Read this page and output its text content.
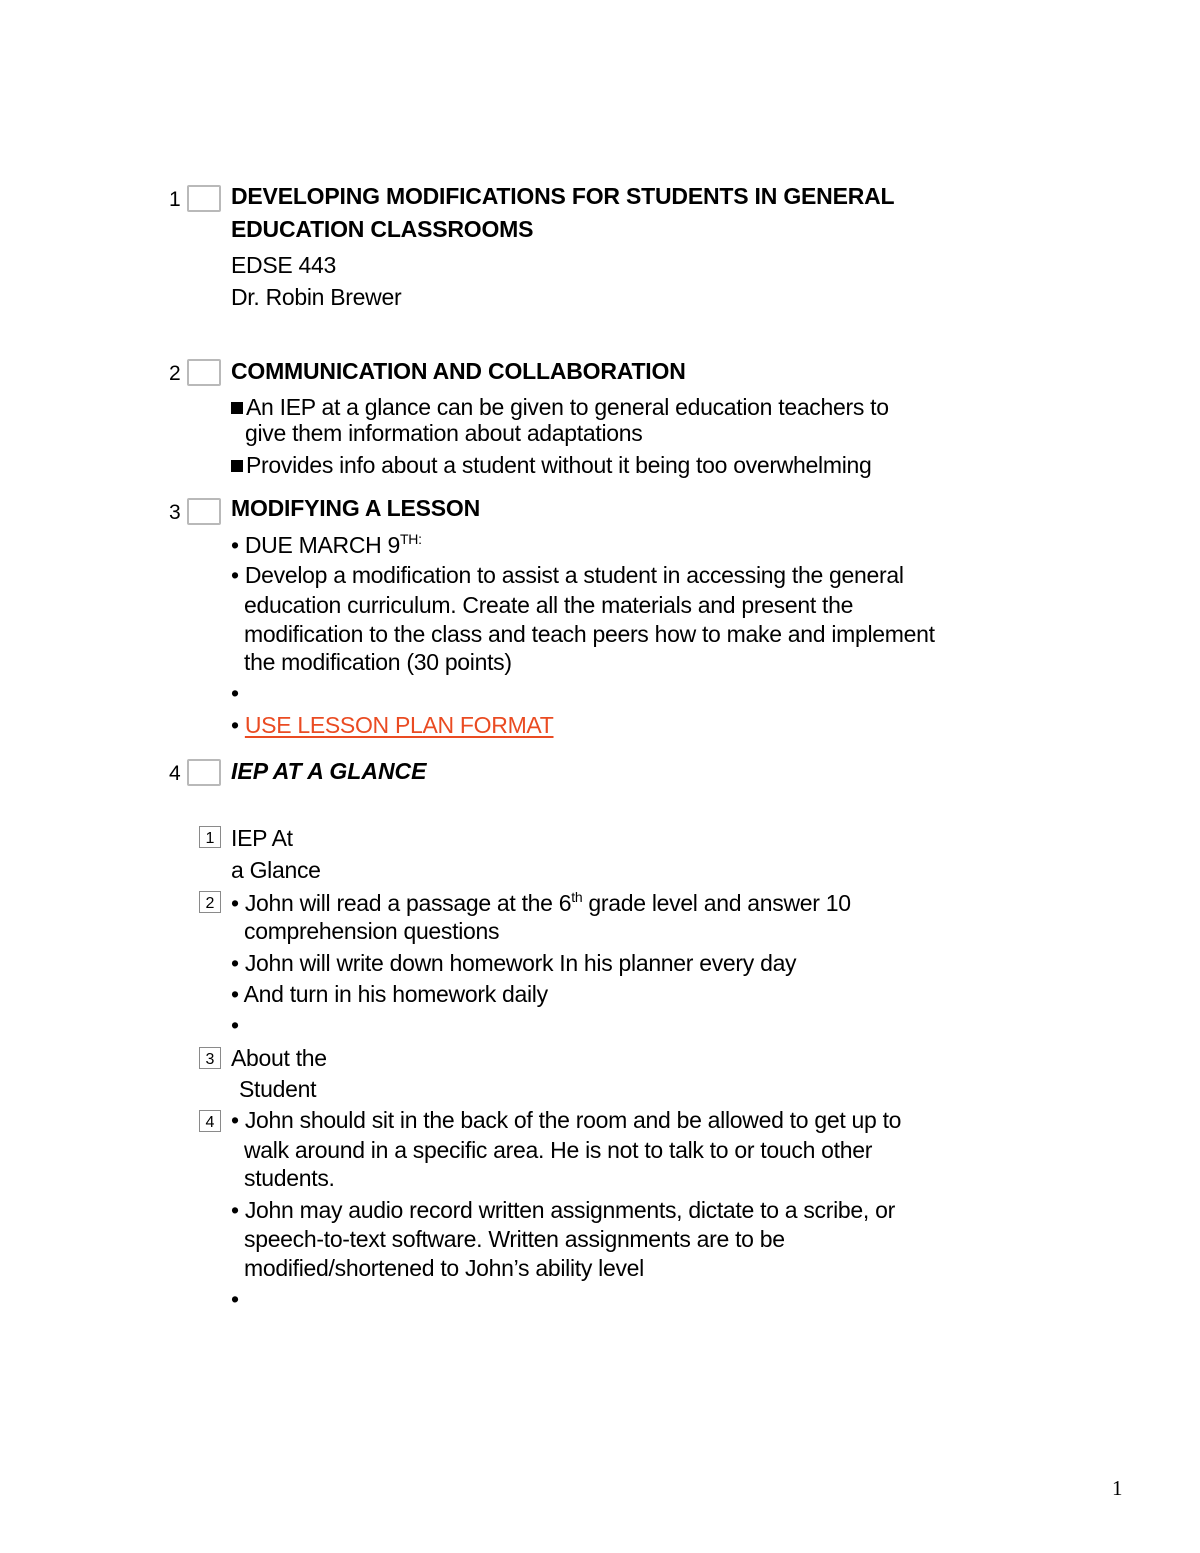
1 DEVELOPING MODIFICATIONS FOR STUDENTS IN GENERAL
EDUCATION CLASSROOMS
EDSE 443
Dr. Robin Brewer
2 COMMUNICATION AND COLLABORATION
An IEP at a glance can be given to general education teachers to
give them information about adaptations
Provides info about a student without it being too overwhelming
3 MODIFYING A LESSON
• DUE MARCH $9^{TH:}$
• Develop a modification to assist a student in accessing the general
education curriculum. Create all the materials and present the
modification to the class and teach peers how to make and implement
the modification (30 points)
•
• USE LESSON PLAN FORMAT
4 IEP AT A GLANCE
1 IEP At
a Glance
2 • John will read a passage at the 6th grade level and answer 10
comprehension questions
• John will write down homework In his planner every day
• And turn in his homework daily
•
3 About the
Student
4 • John should sit in the back of the room and be allowed to get up to
walk around in a specific area. He is not to talk to or touch other
students.
• John may audio record written assignments, dictate to a scribe, or
speech-to-text software. Written assignments are to be
modified/shortened to John’s ability level
•
1
